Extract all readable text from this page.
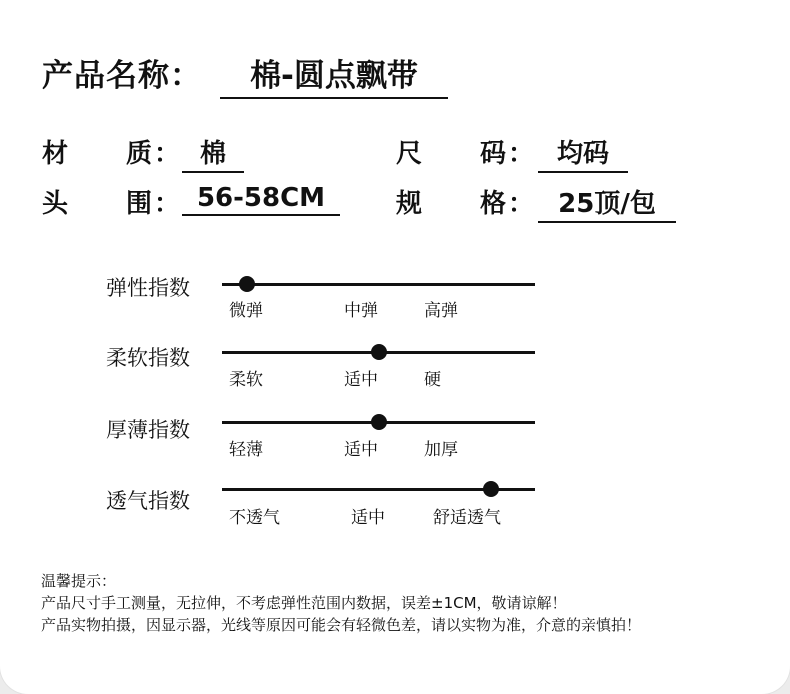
产品名称：	棉-圆点飘带
材 质 ： 棉	尺 码 ： 均码
头 围 ： 56-58CM	规 格 ： 25顶/包
弹性指数
微弹	中弹	高弹
柔软指数
柔软	适中	硬
厚薄指数
轻薄	适中	加厚
透气指数
不透气	适中	舒适透气
温馨提示：
产品尺寸手工测量，无拉伸，不考虑弹性范围内数据，误差±1CM，敬请谅解！
产品实物拍摄，因显示器，光线等原因可能会有轻微色差，请以实物为准，介意的亲慎拍！
